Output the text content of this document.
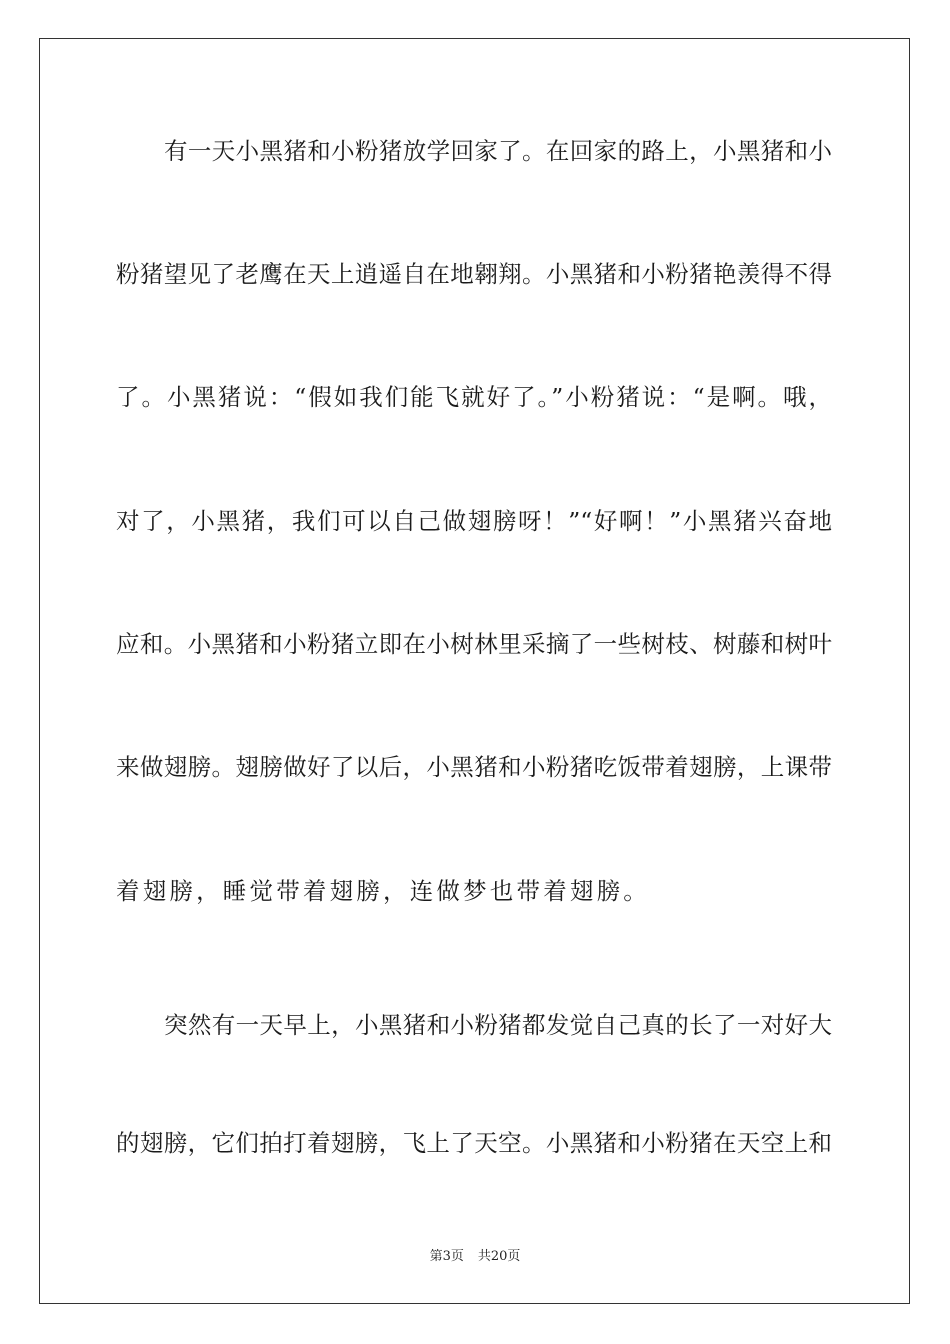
有一天小黑猪和小粉猪放学回家了。在回家的路上，小黑猪和小
粉猪望见了老鹰在天上逍遥自在地翱翔。小黑猪和小粉猪艳羡得不得
了。小黑猪说：“假如我们能飞就好了。”小粉猪说：“是啊。哦，
对了，小黑猪，我们可以自己做翅膀呀！”“好啊！”小黑猪兴奋地
应和。小黑猪和小粉猪立即在小树林里采摘了一些树枝、树藤和树叶
来做翅膀。翅膀做好了以后，小黑猪和小粉猪吃饭带着翅膀，上课带
着翅膀，睡觉带着翅膀，连做梦也带着翅膀。
突然有一天早上，小黑猪和小粉猪都发觉自己真的长了一对好大
的翅膀，它们拍打着翅膀，飞上了天空。小黑猪和小粉猪在天空上和
第3页 共20页
